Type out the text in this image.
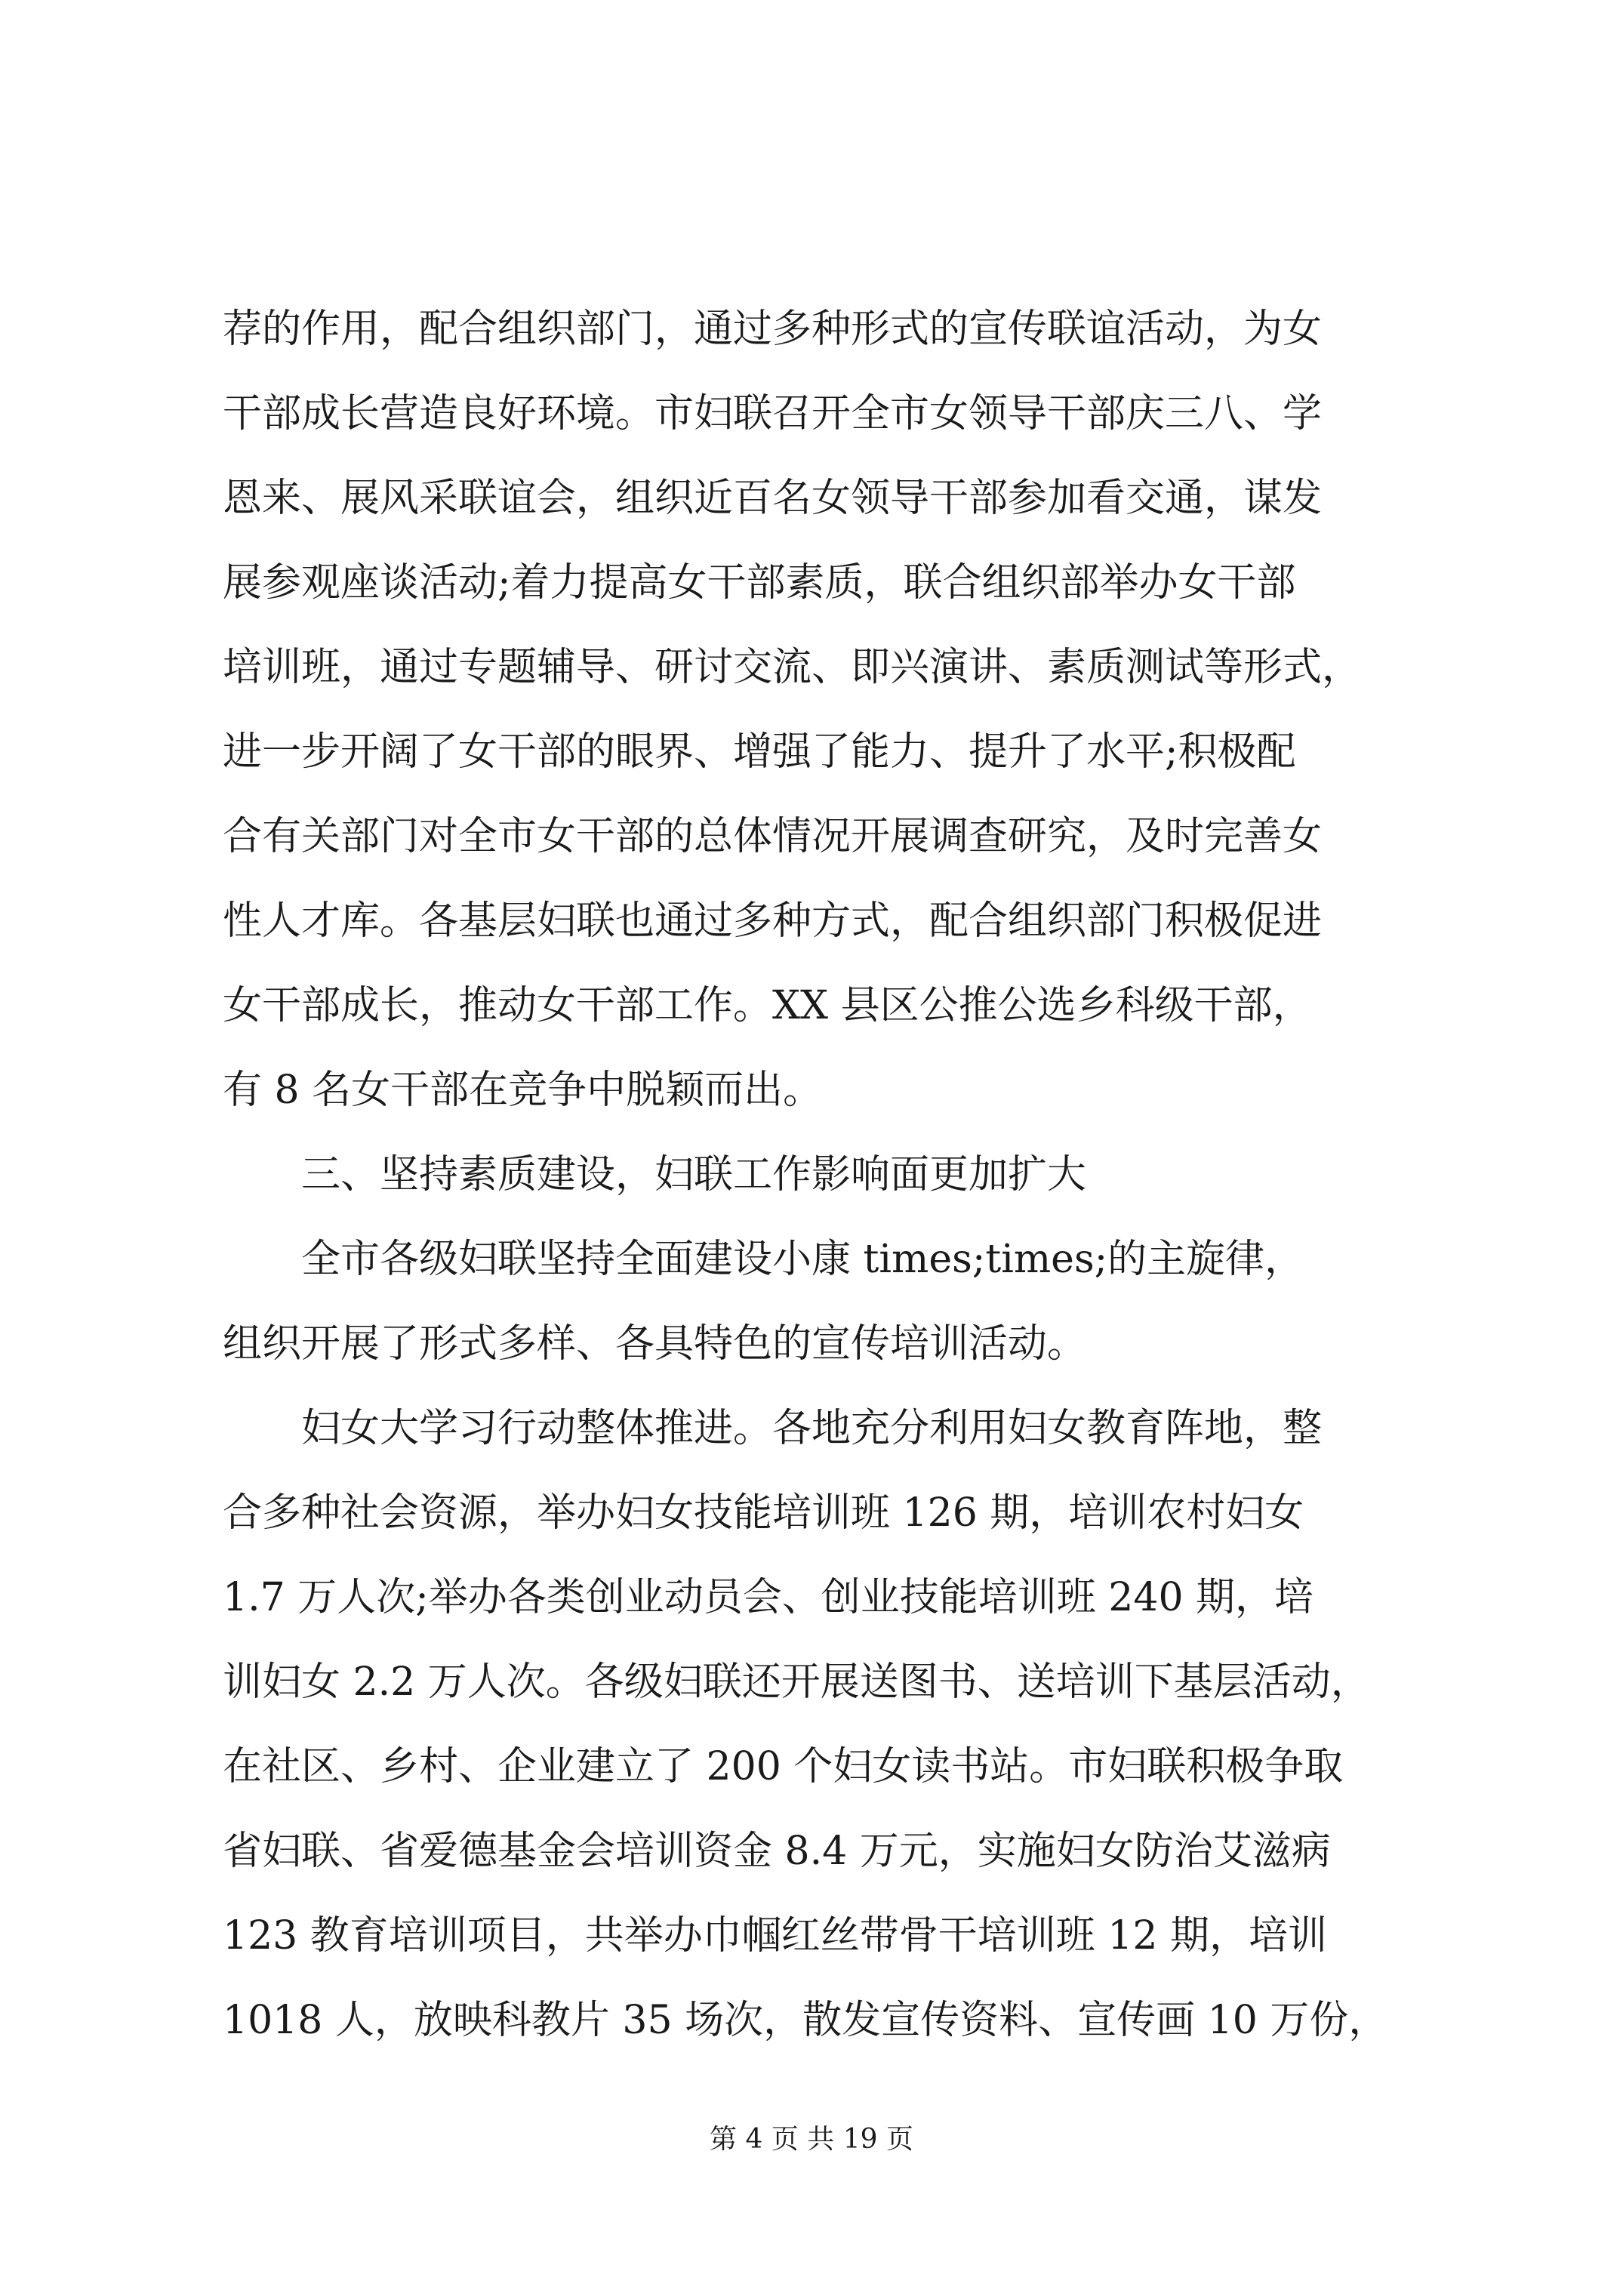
荐的作用，配合组织部门，通过多种形式的宣传联谊活动，为女
干部成长营造良好环境。市妇联召开全市女领导干部庆三八、学
恩来、展风采联谊会，组织近百名女领导干部参加看交通，谋发
展参观座谈活动;着力提高女干部素质，联合组织部举办女干部
培训班，通过专题辅导、研讨交流、即兴演讲、素质测试等形式，
进一步开阔了女干部的眼界、增强了能力、提升了水平;积极配
合有关部门对全市女干部的总体情况开展调查研究，及时完善女
性人才库。各基层妇联也通过多种方式，配合组织部门积极促进
女干部成长，推动女干部工作。XX 县区公推公选乡科级干部，
有 8 名女干部在竞争中脱颖而出。
三、坚持素质建设，妇联工作影响面更加扩大
全市各级妇联坚持全面建设小康 times;times;的主旋律，
组织开展了形式多样、各具特色的宣传培训活动。
妇女大学习行动整体推进。各地充分利用妇女教育阵地，整
合多种社会资源，举办妇女技能培训班 126 期，培训农村妇女
1.7 万人次;举办各类创业动员会、创业技能培训班 240 期，培
训妇女 2.2 万人次。各级妇联还开展送图书、送培训下基层活动，
在社区、乡村、企业建立了 200 个妇女读书站。市妇联积极争取
省妇联、省爱德基金会培训资金 8.4 万元，实施妇女防治艾滋病
123 教育培训项目，共举办巾帼红丝带骨干培训班 12 期，培训
1018 人，放映科教片 35 场次，散发宣传资料、宣传画 10 万份，
第 4 页 共 19 页
